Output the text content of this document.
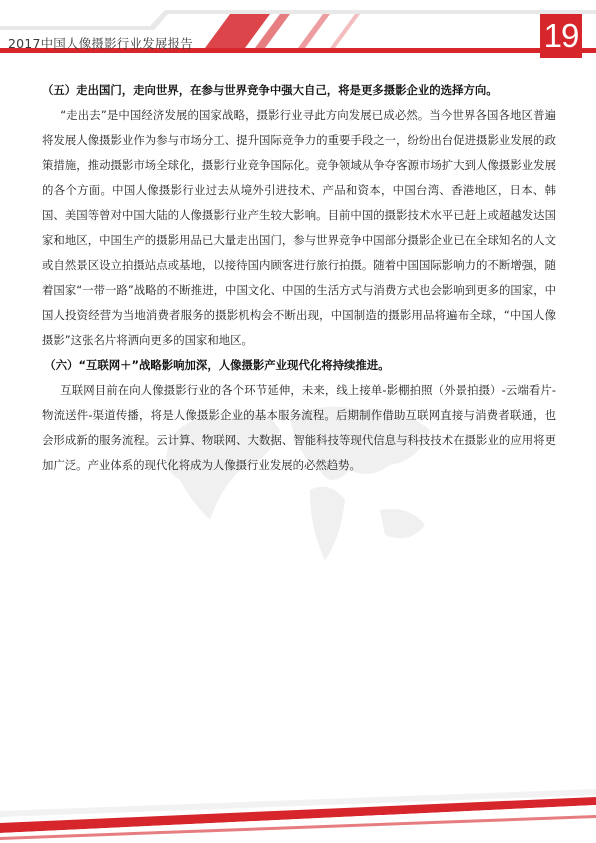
2017中国人像摄影行业发展报告	19

（五）走出国门，走向世界，在参与世界竞争中强大自己，将是更多摄影企业的选择方向。

“走出去”是中国经济发展的国家战略，摄影行业寻此方向发展已成必然。当今世界各国各地区普遍将发展人像摄影业作为参与市场分工、提升国际竞争力的重要手段之一，纷纷出台促进摄影业发展的政策措施，推动摄影市场全球化，摄影行业竞争国际化。竞争领域从争夺客源市场扩大到人像摄影业发展的各个方面。中国人像摄影行业过去从境外引进技术、产品和资本，中国台湾、香港地区，日本、韩国、美国等曾对中国大陆的人像摄影行业产生较大影响。目前中国的摄影技术水平已赶上或超越发达国家和地区，中国生产的摄影用品已大量走出国门，参与世界竞争中国部分摄影企业已在全球知名的人文或自然景区设立拍摄站点或基地，以接待国内顾客进行旅行拍摄。随着中国国际影响力的不断增强，随着国家“一带一路”战略的不断推进，中国文化、中国的生活方式与消费方式也会影响到更多的国家，中国人投资经营为当地消费者服务的摄影机构会不断出现，中国制造的摄影用品将遍布全球，“中国人像摄影”这张名片将洒向更多的国家和地区。

（六）“互联网＋”战略影响加深，人像摄影产业现代化将持续推进。

互联网目前在向人像摄影行业的各个环节延伸，未来，线上接单-影棚拍照（外景拍摄）-云端看片-物流送件-渠道传播，将是人像摄影企业的基本服务流程。后期制作借助互联网直接与消费者联通，也会形成新的服务流程。云计算、物联网、大数据、智能科技等现代信息与科技技术在摄影业的应用将更加广泛。产业体系的现代化将成为人像摄行业发展的必然趋势。
